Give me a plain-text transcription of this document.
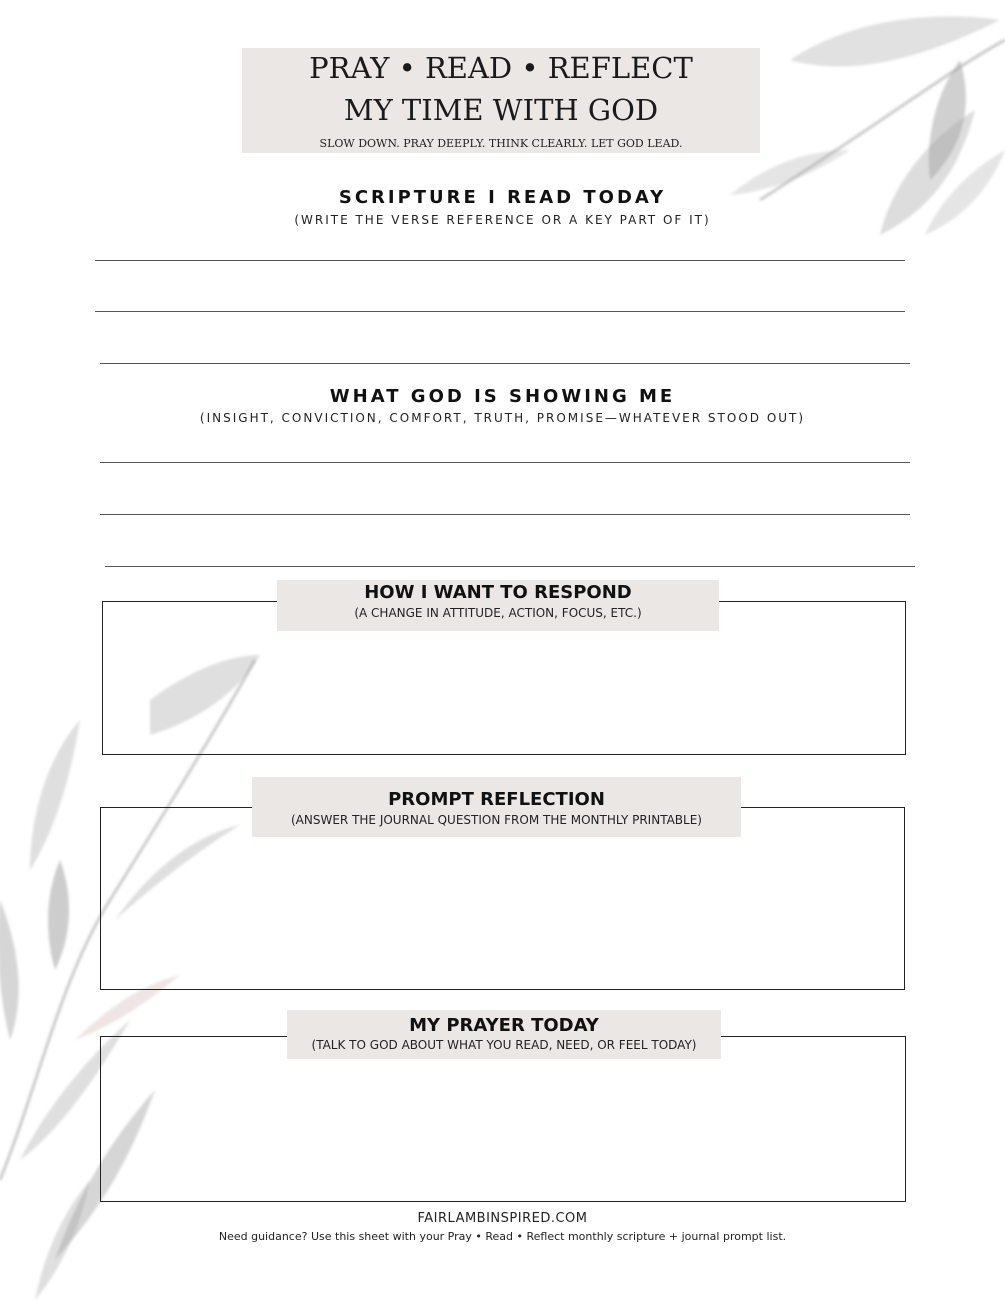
PRAY • READ • REFLECT
MY TIME WITH GOD
SLOW DOWN. PRAY DEEPLY. THINK CLEARLY. LET GOD LEAD.
SCRIPTURE I READ TODAY
(WRITE THE VERSE REFERENCE OR A KEY PART OF IT)
WHAT GOD IS SHOWING ME
(INSIGHT, CONVICTION, COMFORT, TRUTH, PROMISE—WHATEVER STOOD OUT)
HOW I WANT TO RESPOND
(A CHANGE IN ATTITUDE, ACTION, FOCUS, ETC.)
PROMPT REFLECTION
(ANSWER THE JOURNAL QUESTION FROM THE MONTHLY PRINTABLE)
MY PRAYER TODAY
(TALK TO GOD ABOUT WHAT YOU READ, NEED, OR FEEL TODAY)
FAIRLAMBINSPIRED.COM
Need guidance? Use this sheet with your Pray • Read • Reflect monthly scripture + journal prompt list.
